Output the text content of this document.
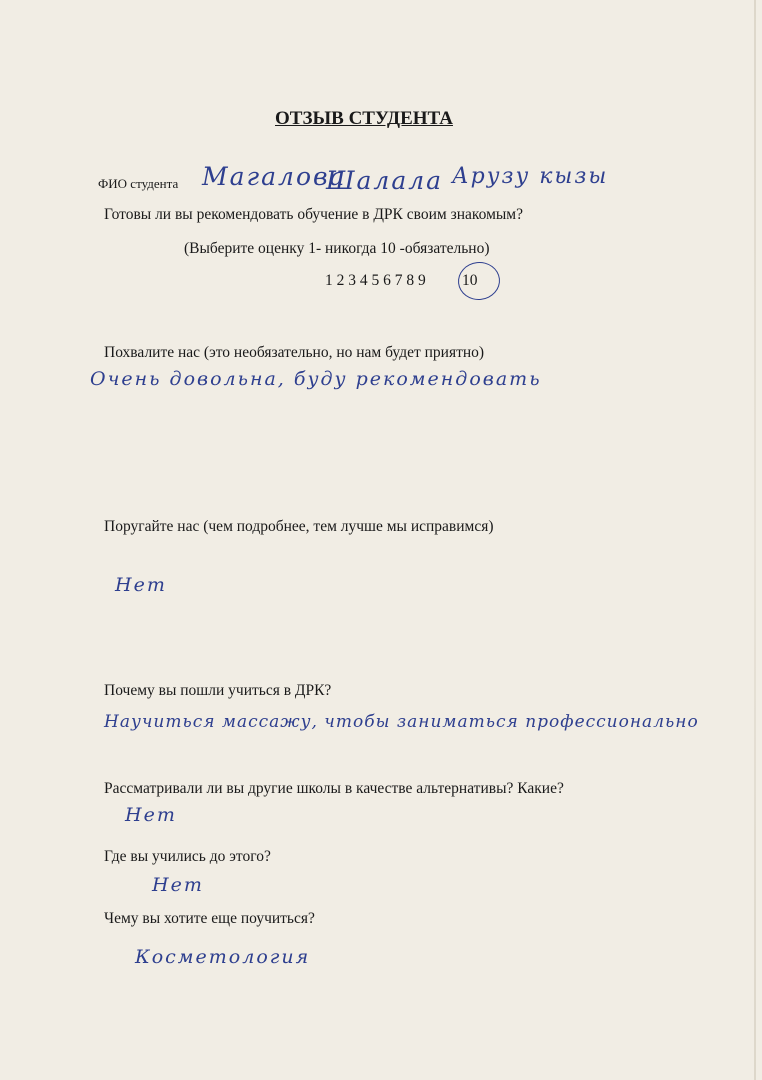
ОТЗЫВ СТУДЕНТА
ФИО студента Магалова
Шалала Арузу кызы
Готовы ли вы рекомендовать обучение в ДРК своим знакомым?
(Выберите оценку 1- никогда 10 -обязательно)
1 2 3 4 5 6 7 8 9 10
Похвалите нас (это необязательно, но нам будет приятно)
Очень довольна, буду рекомендовать
Поругайте нас (чем подробнее, тем лучше мы исправимся)
Нет
Почему вы пошли учиться в ДРК?
Научиться массажу, чтобы заниматься профессионально
Рассматривали ли вы другие школы в качестве альтернативы? Какие?
Нет
Где вы учились до этого?
Нет
Чему вы хотите еще поучиться?
Косметология
